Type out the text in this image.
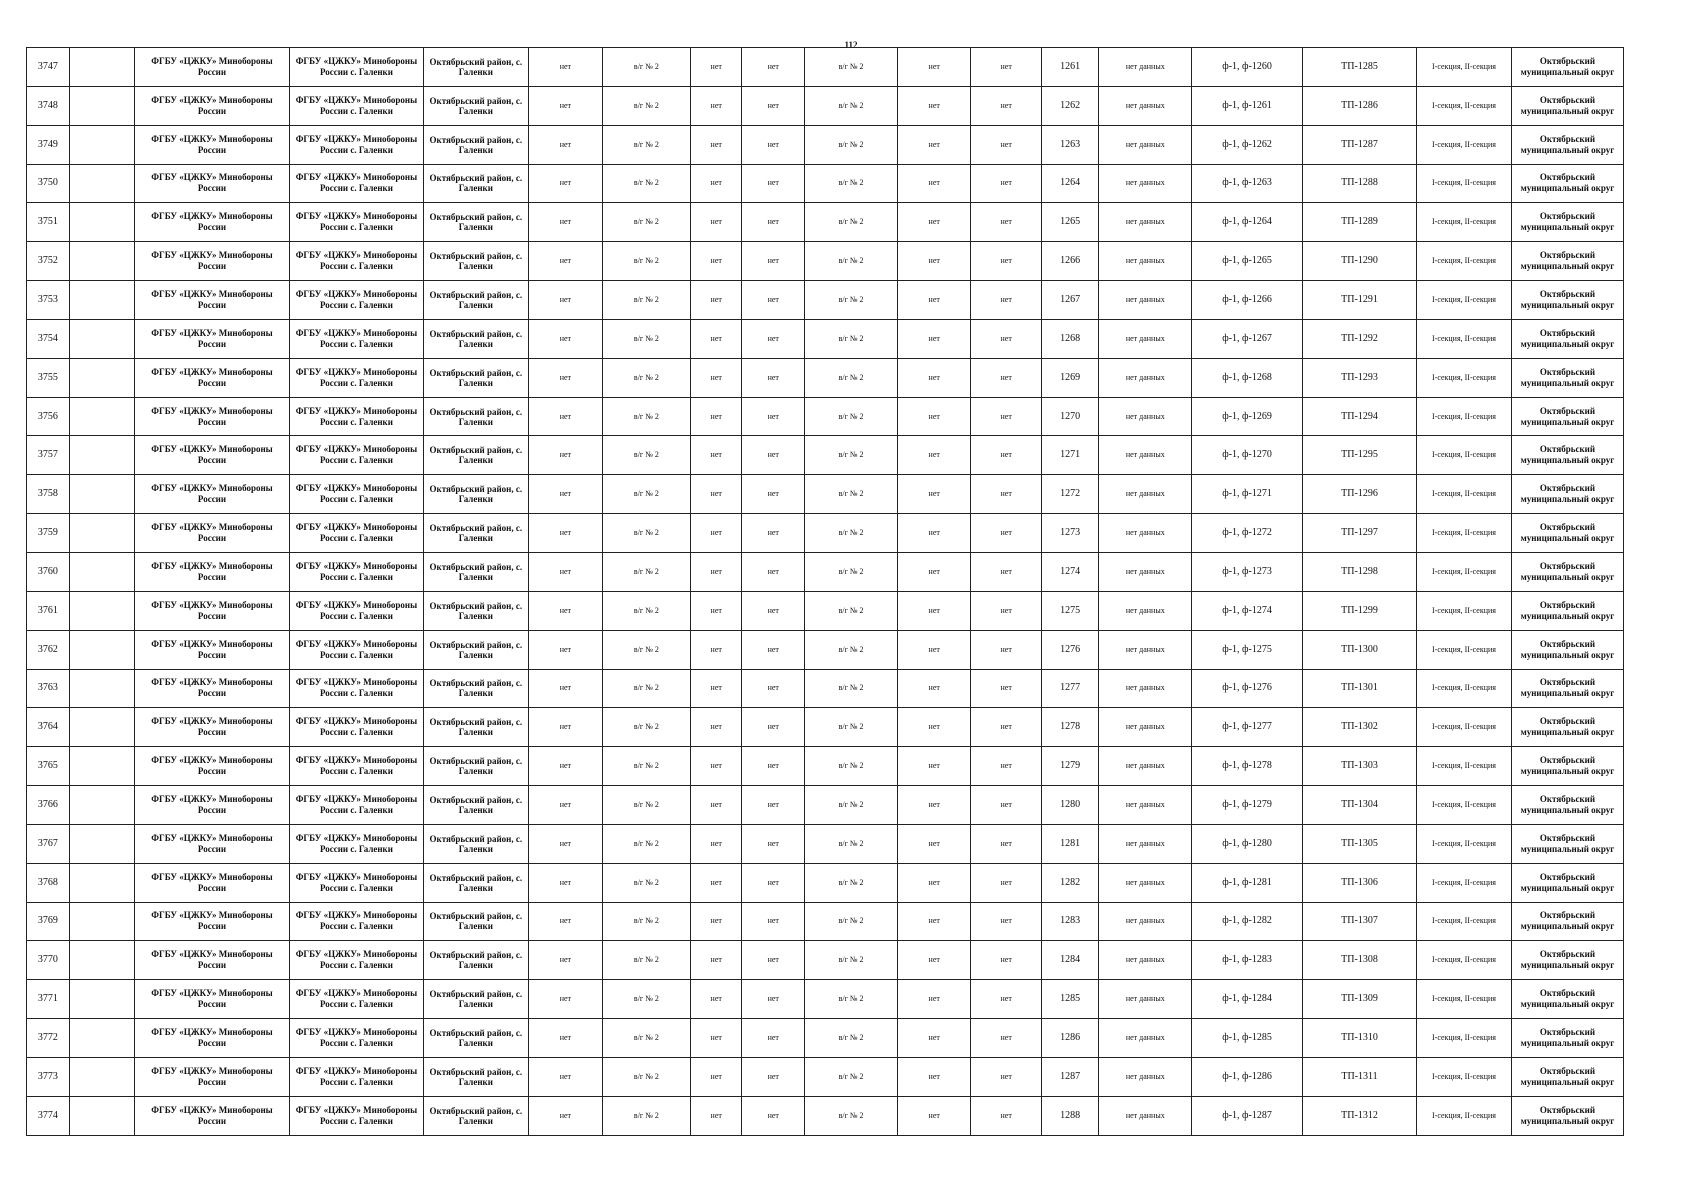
112
3747		ФГБУ «ЦЖКУ» Минобороны России	ФГБУ «ЦЖКУ» Минобороны России с. Галенки	Октябрьский район, с. Галенки	нет	в/г № 2	нет	нет	в/г № 2	нет	нет	1261	нет данных	ф-1, ф-1260	ТП-1285	I-секция, II-секция	Октябрьский муниципальный округ
3748		ФГБУ «ЦЖКУ» Минобороны России	ФГБУ «ЦЖКУ» Минобороны России с. Галенки	Октябрьский район, с. Галенки	нет	в/г № 2	нет	нет	в/г № 2	нет	нет	1262	нет данных	ф-1, ф-1261	ТП-1286	I-секция, II-секция	Октябрьский муниципальный округ
3749		ФГБУ «ЦЖКУ» Минобороны России	ФГБУ «ЦЖКУ» Минобороны России с. Галенки	Октябрьский район, с. Галенки	нет	в/г № 2	нет	нет	в/г № 2	нет	нет	1263	нет данных	ф-1, ф-1262	ТП-1287	I-секция, II-секция	Октябрьский муниципальный округ
3750		ФГБУ «ЦЖКУ» Минобороны России	ФГБУ «ЦЖКУ» Минобороны России с. Галенки	Октябрьский район, с. Галенки	нет	в/г № 2	нет	нет	в/г № 2	нет	нет	1264	нет данных	ф-1, ф-1263	ТП-1288	I-секция, II-секция	Октябрьский муниципальный округ
3751		ФГБУ «ЦЖКУ» Минобороны России	ФГБУ «ЦЖКУ» Минобороны России с. Галенки	Октябрьский район, с. Галенки	нет	в/г № 2	нет	нет	в/г № 2	нет	нет	1265	нет данных	ф-1, ф-1264	ТП-1289	I-секция, II-секция	Октябрьский муниципальный округ
3752		ФГБУ «ЦЖКУ» Минобороны России	ФГБУ «ЦЖКУ» Минобороны России с. Галенки	Октябрьский район, с. Галенки	нет	в/г № 2	нет	нет	в/г № 2	нет	нет	1266	нет данных	ф-1, ф-1265	ТП-1290	I-секция, II-секция	Октябрьский муниципальный округ
3753		ФГБУ «ЦЖКУ» Минобороны России	ФГБУ «ЦЖКУ» Минобороны России с. Галенки	Октябрьский район, с. Галенки	нет	в/г № 2	нет	нет	в/г № 2	нет	нет	1267	нет данных	ф-1, ф-1266	ТП-1291	I-секция, II-секция	Октябрьский муниципальный округ
3754		ФГБУ «ЦЖКУ» Минобороны России	ФГБУ «ЦЖКУ» Минобороны России с. Галенки	Октябрьский район, с. Галенки	нет	в/г № 2	нет	нет	в/г № 2	нет	нет	1268	нет данных	ф-1, ф-1267	ТП-1292	I-секция, II-секция	Октябрьский муниципальный округ
3755		ФГБУ «ЦЖКУ» Минобороны России	ФГБУ «ЦЖКУ» Минобороны России с. Галенки	Октябрьский район, с. Галенки	нет	в/г № 2	нет	нет	в/г № 2	нет	нет	1269	нет данных	ф-1, ф-1268	ТП-1293	I-секция, II-секция	Октябрьский муниципальный округ
3756		ФГБУ «ЦЖКУ» Минобороны России	ФГБУ «ЦЖКУ» Минобороны России с. Галенки	Октябрьский район, с. Галенки	нет	в/г № 2	нет	нет	в/г № 2	нет	нет	1270	нет данных	ф-1, ф-1269	ТП-1294	I-секция, II-секция	Октябрьский муниципальный округ
3757		ФГБУ «ЦЖКУ» Минобороны России	ФГБУ «ЦЖКУ» Минобороны России с. Галенки	Октябрьский район, с. Галенки	нет	в/г № 2	нет	нет	в/г № 2	нет	нет	1271	нет данных	ф-1, ф-1270	ТП-1295	I-секция, II-секция	Октябрьский муниципальный округ
3758		ФГБУ «ЦЖКУ» Минобороны России	ФГБУ «ЦЖКУ» Минобороны России с. Галенки	Октябрьский район, с. Галенки	нет	в/г № 2	нет	нет	в/г № 2	нет	нет	1272	нет данных	ф-1, ф-1271	ТП-1296	I-секция, II-секция	Октябрьский муниципальный округ
3759		ФГБУ «ЦЖКУ» Минобороны России	ФГБУ «ЦЖКУ» Минобороны России с. Галенки	Октябрьский район, с. Галенки	нет	в/г № 2	нет	нет	в/г № 2	нет	нет	1273	нет данных	ф-1, ф-1272	ТП-1297	I-секция, II-секция	Октябрьский муниципальный округ
3760		ФГБУ «ЦЖКУ» Минобороны России	ФГБУ «ЦЖКУ» Минобороны России с. Галенки	Октябрьский район, с. Галенки	нет	в/г № 2	нет	нет	в/г № 2	нет	нет	1274	нет данных	ф-1, ф-1273	ТП-1298	I-секция, II-секция	Октябрьский муниципальный округ
3761		ФГБУ «ЦЖКУ» Минобороны России	ФГБУ «ЦЖКУ» Минобороны России с. Галенки	Октябрьский район, с. Галенки	нет	в/г № 2	нет	нет	в/г № 2	нет	нет	1275	нет данных	ф-1, ф-1274	ТП-1299	I-секция, II-секция	Октябрьский муниципальный округ
3762		ФГБУ «ЦЖКУ» Минобороны России	ФГБУ «ЦЖКУ» Минобороны России с. Галенки	Октябрьский район, с. Галенки	нет	в/г № 2	нет	нет	в/г № 2	нет	нет	1276	нет данных	ф-1, ф-1275	ТП-1300	I-секция, II-секция	Октябрьский муниципальный округ
3763		ФГБУ «ЦЖКУ» Минобороны России	ФГБУ «ЦЖКУ» Минобороны России с. Галенки	Октябрьский район, с. Галенки	нет	в/г № 2	нет	нет	в/г № 2	нет	нет	1277	нет данных	ф-1, ф-1276	ТП-1301	I-секция, II-секция	Октябрьский муниципальный округ
3764		ФГБУ «ЦЖКУ» Минобороны России	ФГБУ «ЦЖКУ» Минобороны России с. Галенки	Октябрьский район, с. Галенки	нет	в/г № 2	нет	нет	в/г № 2	нет	нет	1278	нет данных	ф-1, ф-1277	ТП-1302	I-секция, II-секция	Октябрьский муниципальный округ
3765		ФГБУ «ЦЖКУ» Минобороны России	ФГБУ «ЦЖКУ» Минобороны России с. Галенки	Октябрьский район, с. Галенки	нет	в/г № 2	нет	нет	в/г № 2	нет	нет	1279	нет данных	ф-1, ф-1278	ТП-1303	I-секция, II-секция	Октябрьский муниципальный округ
3766		ФГБУ «ЦЖКУ» Минобороны России	ФГБУ «ЦЖКУ» Минобороны России с. Галенки	Октябрьский район, с. Галенки	нет	в/г № 2	нет	нет	в/г № 2	нет	нет	1280	нет данных	ф-1, ф-1279	ТП-1304	I-секция, II-секция	Октябрьский муниципальный округ
3767		ФГБУ «ЦЖКУ» Минобороны России	ФГБУ «ЦЖКУ» Минобороны России с. Галенки	Октябрьский район, с. Галенки	нет	в/г № 2	нет	нет	в/г № 2	нет	нет	1281	нет данных	ф-1, ф-1280	ТП-1305	I-секция, II-секция	Октябрьский муниципальный округ
3768		ФГБУ «ЦЖКУ» Минобороны России	ФГБУ «ЦЖКУ» Минобороны России с. Галенки	Октябрьский район, с. Галенки	нет	в/г № 2	нет	нет	в/г № 2	нет	нет	1282	нет данных	ф-1, ф-1281	ТП-1306	I-секция, II-секция	Октябрьский муниципальный округ
3769		ФГБУ «ЦЖКУ» Минобороны России	ФГБУ «ЦЖКУ» Минобороны России с. Галенки	Октябрьский район, с. Галенки	нет	в/г № 2	нет	нет	в/г № 2	нет	нет	1283	нет данных	ф-1, ф-1282	ТП-1307	I-секция, II-секция	Октябрьский муниципальный округ
3770		ФГБУ «ЦЖКУ» Минобороны России	ФГБУ «ЦЖКУ» Минобороны России с. Галенки	Октябрьский район, с. Галенки	нет	в/г № 2	нет	нет	в/г № 2	нет	нет	1284	нет данных	ф-1, ф-1283	ТП-1308	I-секция, II-секция	Октябрьский муниципальный округ
3771		ФГБУ «ЦЖКУ» Минобороны России	ФГБУ «ЦЖКУ» Минобороны России с. Галенки	Октябрьский район, с. Галенки	нет	в/г № 2	нет	нет	в/г № 2	нет	нет	1285	нет данных	ф-1, ф-1284	ТП-1309	I-секция, II-секция	Октябрьский муниципальный округ
3772		ФГБУ «ЦЖКУ» Минобороны России	ФГБУ «ЦЖКУ» Минобороны России с. Галенки	Октябрьский район, с. Галенки	нет	в/г № 2	нет	нет	в/г № 2	нет	нет	1286	нет данных	ф-1, ф-1285	ТП-1310	I-секция, II-секция	Октябрьский муниципальный округ
3773		ФГБУ «ЦЖКУ» Минобороны России	ФГБУ «ЦЖКУ» Минобороны России с. Галенки	Октябрьский район, с. Галенки	нет	в/г № 2	нет	нет	в/г № 2	нет	нет	1287	нет данных	ф-1, ф-1286	ТП-1311	I-секция, II-секция	Октябрьский муниципальный округ
3774		ФГБУ «ЦЖКУ» Минобороны России	ФГБУ «ЦЖКУ» Минобороны России с. Галенки	Октябрьский район, с. Галенки	нет	в/г № 2	нет	нет	в/г № 2	нет	нет	1288	нет данных	ф-1, ф-1287	ТП-1312	I-секция, II-секция	Октябрьский муниципальный округ
